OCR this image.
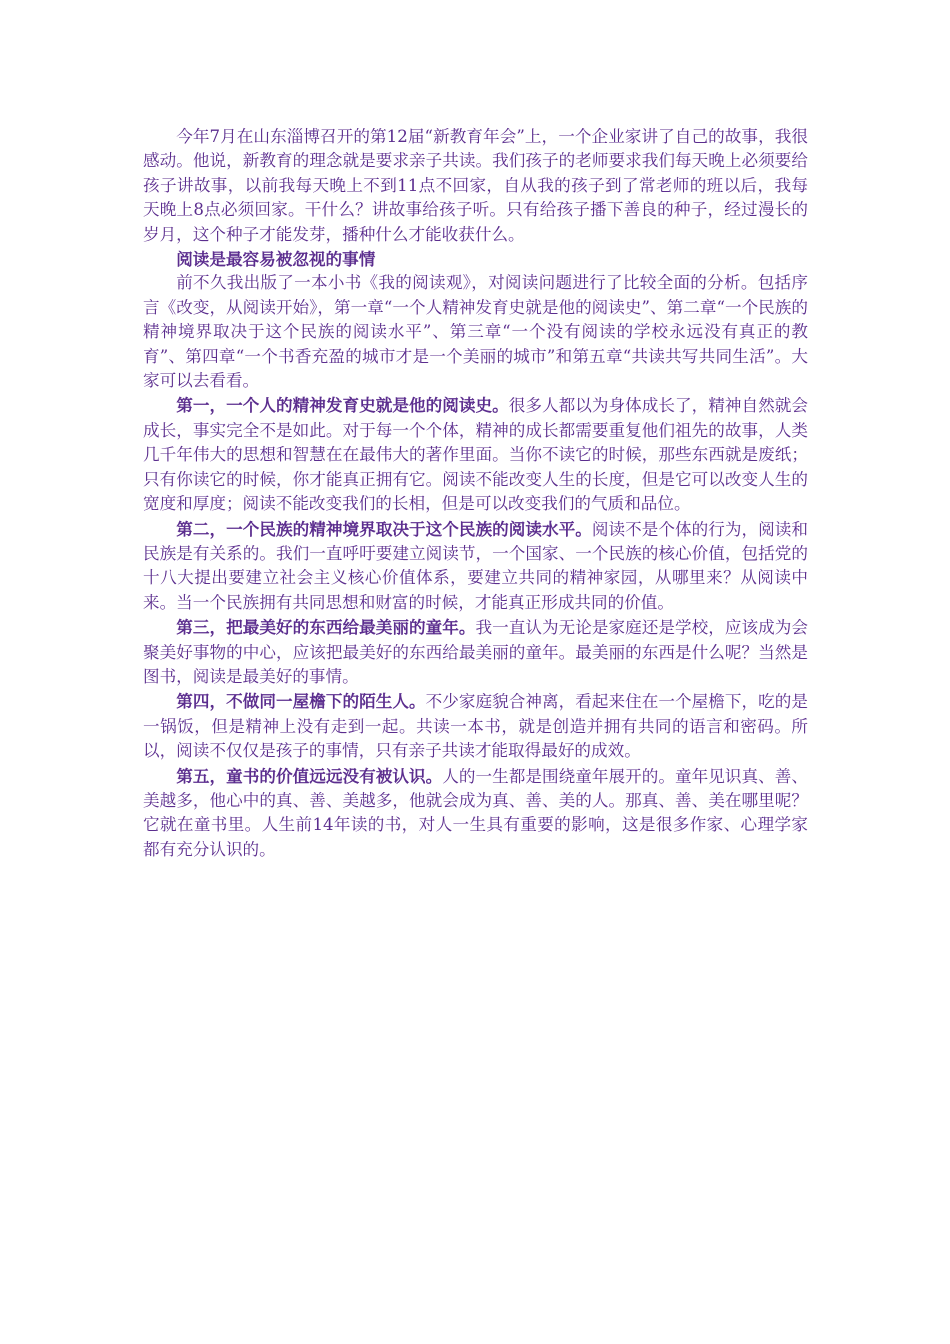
今年7月在山东淄博召开的第12届“新教育年会”上，一个企业家讲了自己的故事，我很感动。他说，新教育的理念就是要求亲子共读。我们孩子的老师要求我们每天晚上必须要给孩子讲故事，以前我每天晚上不到11点不回家，自从我的孩子到了常老师的班以后，我每天晚上8点必须回家。干什么？讲故事给孩子听。只有给孩子播下善良的种子，经过漫长的岁月，这个种子才能发芽，播种什么才能收获什么。

阅读是最容易被忽视的事情

前不久我出版了一本小书《我的阅读观》，对阅读问题进行了比较全面的分析。包括序言《改变，从阅读开始》，第一章“一个人精神发育史就是他的阅读史”、第二章“一个民族的精神境界取决于这个民族的阅读水平”、第三章“一个没有阅读的学校永远没有真正的教育”、第四章“一个书香充盈的城市才是一个美丽的城市”和第五章“共读共写共同生活”。大家可以去看看。

第一，一个人的精神发育史就是他的阅读史。很多人都以为身体成长了，精神自然就会成长，事实完全不是如此。对于每一个个体，精神的成长都需要重复他们祖先的故事，人类几千年伟大的思想和智慧在在最伟大的著作里面。当你不读它的时候，那些东西就是废纸；只有你读它的时候，你才能真正拥有它。阅读不能改变人生的长度，但是它可以改变人生的宽度和厚度；阅读不能改变我们的长相，但是可以改变我们的气质和品位。

第二，一个民族的精神境界取决于这个民族的阅读水平。阅读不是个体的行为，阅读和民族是有关系的。我们一直呼吁要建立阅读节，一个国家、一个民族的核心价值，包括党的十八大提出要建立社会主义核心价值体系，要建立共同的精神家园，从哪里来？从阅读中来。当一个民族拥有共同思想和财富的时候，才能真正形成共同的价值。

第三，把最美好的东西给最美丽的童年。我一直认为无论是家庭还是学校，应该成为会聚美好事物的中心，应该把最美好的东西给最美丽的童年。最美丽的东西是什么呢？当然是图书，阅读是最美好的事情。

第四，不做同一屋檐下的陌生人。不少家庭貌合神离，看起来住在一个屋檐下，吃的是一锅饭，但是精神上没有走到一起。共读一本书，就是创造并拥有共同的语言和密码。所以，阅读不仅仅是孩子的事情，只有亲子共读才能取得最好的成效。

第五，童书的价值远远没有被认识。人的一生都是围绕童年展开的。童年见识真、善、美越多，他心中的真、善、美越多，他就会成为真、善、美的人。那真、善、美在哪里呢？它就在童书里。人生前14年读的书，对人一生具有重要的影响，这是很多作家、心理学家都有充分认识的。
